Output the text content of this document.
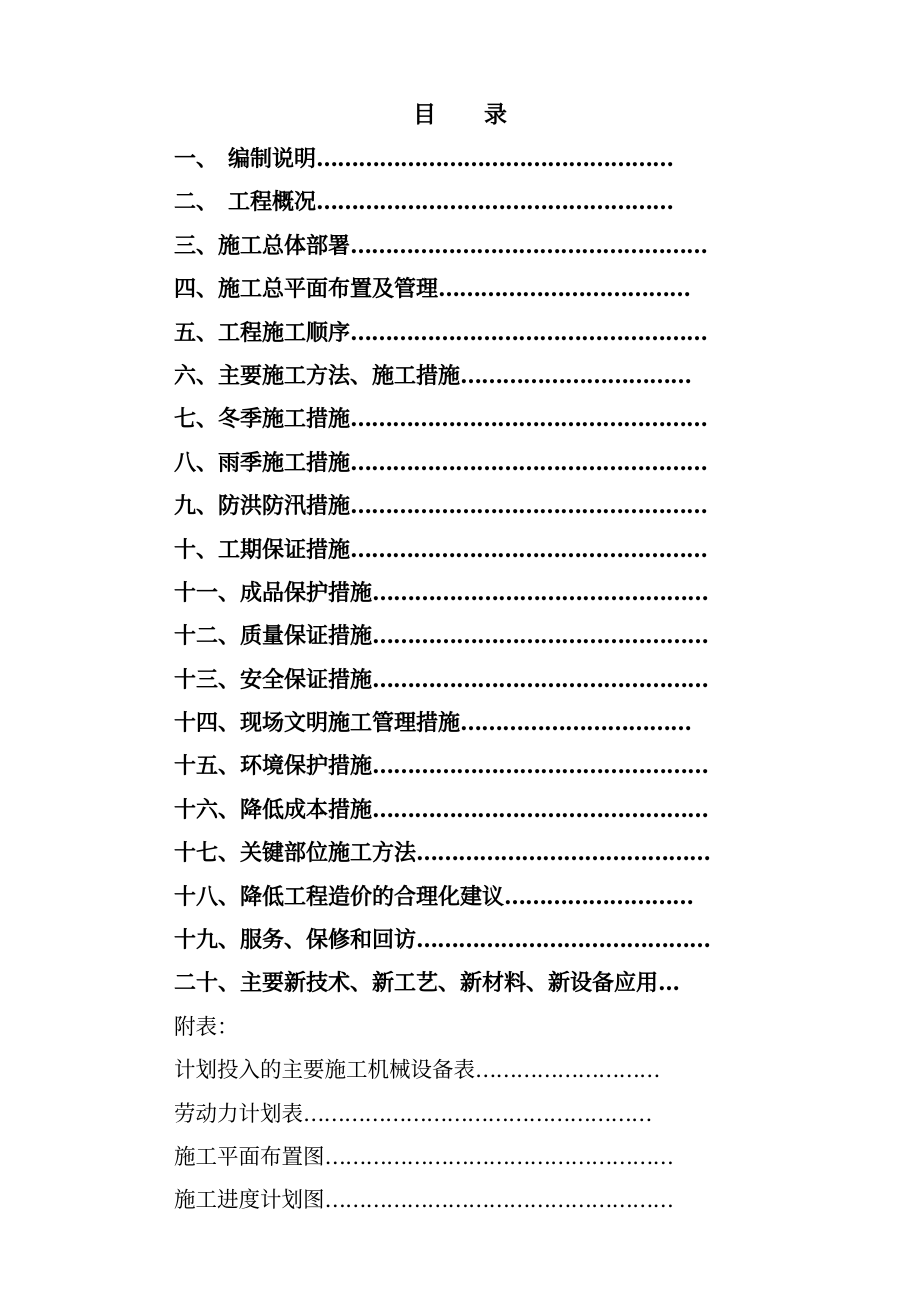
目 录
一、 编制说明……………………………………………
二、 工程概况……………………………………………
三、施工总体部署……………………………………………
四、施工总平面布置及管理………………………………
五、工程施工顺序……………………………………………
六、主要施工方法、施工措施……………………………
七、冬季施工措施……………………………………………
八、雨季施工措施……………………………………………
九、防洪防汛措施……………………………………………
十、工期保证措施……………………………………………
十一、成品保护措施…………………………………………
十二、质量保证措施…………………………………………
十三、安全保证措施…………………………………………
十四、现场文明施工管理措施……………………………
十五、环境保护措施…………………………………………
十六、降低成本措施…………………………………………
十七、关键部位施工方法……………………………………
十八、降低工程造价的合理化建议………………………
十九、服务、保修和回访……………………………………
二十、主要新技术、新工艺、新材料、新设备应用…
附表：
计划投入的主要施工机械设备表………………………
劳动力计划表……………………………………………
施工平面布置图……………………………………………
施工进度计划图……………………………………………
